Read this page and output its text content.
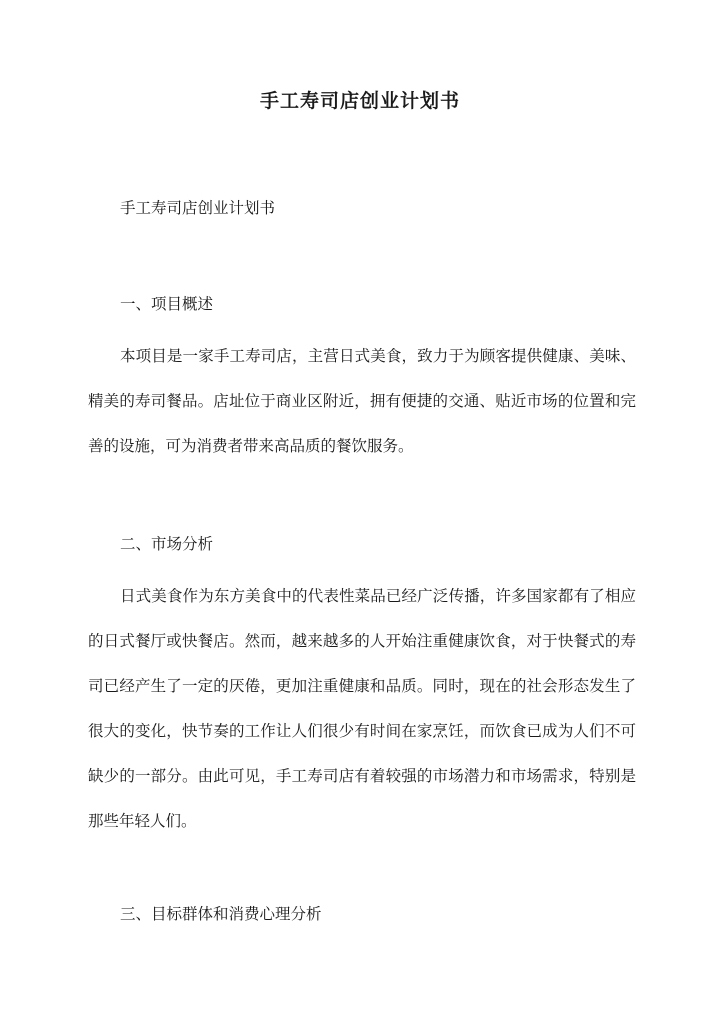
手工寿司店创业计划书

手工寿司店创业计划书

一、项目概述

本项目是一家手工寿司店，主营日式美食，致力于为顾客提供健康、美味、精美的寿司餐品。店址位于商业区附近，拥有便捷的交通、贴近市场的位置和完善的设施，可为消费者带来高品质的餐饮服务。

二、市场分析

日式美食作为东方美食中的代表性菜品已经广泛传播，许多国家都有了相应的日式餐厅或快餐店。然而，越来越多的人开始注重健康饮食，对于快餐式的寿司已经产生了一定的厌倦，更加注重健康和品质。同时，现在的社会形态发生了很大的变化，快节奏的工作让人们很少有时间在家烹饪，而饮食已成为人们不可缺少的一部分。由此可见，手工寿司店有着较强的市场潜力和市场需求，特别是那些年轻人们。

三、目标群体和消费心理分析
